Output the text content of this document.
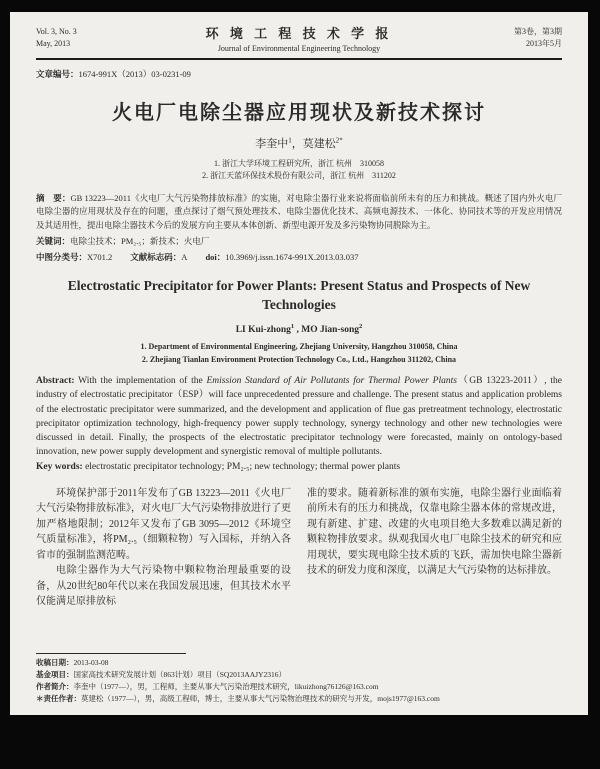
Vol. 3, No. 3
May, 2013
环 境 工 程 技 术 学 报
Journal of Environmental Engineering Technology
第3卷，第3期
2013年5月
文章编号：1674-991X（2013）03-0231-09
火电厂电除尘器应用现状及新技术探讨
李奎中$^1$，莫建松$^{2*}$
1. 浙江大学环境工程研究所，浙江 杭州　310058
2. 浙江天蓝环保技术股份有限公司，浙江 杭州　311202

摘　要：GB 13223—2011《火电厂大气污染物排放标准》的实施，对电除尘器行业来说将面临前所未有的压力和挑战。概述了国内外火电厂电除尘器的应用现状及存在的问题，重点探讨了烟气预处理技术、电除尘器优化技术、高频电源技术、一体化、协同技术等的开发应用情况及其适用性，提出电除尘器技术今后的发展方向主要从本体创新、新型电源开发及多污染物协同脱除为主。

关键词：电除尘技术；PM₂.₅；新技术；火电厂
中图分类号：X701.2 文献标志码：A doi：10.3969/j.issn.1674-991X.2013.03.037
Electrostatic Precipitator for Power Plants: Present Status and Prospects of New Technologies
LI Kui-zhong$^1$ , MO Jian-song$^2$
1. Department of Environmental Engineering, Zhejiang University, Hangzhou 310058, China
2. Zhejiang Tianlan Environment Protection Technology Co., Ltd., Hangzhou 311202, China

Abstract: With the implementation of the Emission Standard of Air Pollutants for Thermal Power Plants（GB 13223-2011）, the industry of electrostatic precipitator（ESP）will face unprecedented pressure and challenge. The present status and application problems of the electrostatic precipitator were summarized, and the development and application of flue gas pretreatment technology, electrostatic precipitator optimization technology, high-frequency power supply technology, synergy technology and other new technologies were discussed in detail. Finally, the prospects of the electrostatic precipitator technology were forecasted, mainly on ontology-based innovation, new power supply development and synergistic removal of multiple pollutants.

Key words: electrostatic precipitator technology; PM₂.₅; new technology; thermal power plants

环境保护部于2011年发布了GB 13223—2011《火电厂大气污染物排放标准》，对火电厂大气污染物排放进行了更加严格地限制；2012年又发布了GB 3095—2012《环境空气质量标准》，将PM₂.₅（细颗粒物）写入国标，并纳入各省市的强制监测范畴。

电除尘器作为大气污染物中颗粒物治理最重要的设备，从20世纪80年代以来在我国发展迅速，但其技术水平仅能满足原排放标

准的要求。随着新标准的颁布实施，电除尘器行业面临着前所未有的压力和挑战，仅靠电除尘器本体的常规改进，现有新建、扩建、改建的火电项目绝大多数难以满足新的颗粒物排放要求。纵观我国火电厂电除尘技术的研究和应用现状，要实现电除尘技术质的飞跃，需加快电除尘器新技术的研发力度和深度，以满足大气污染物的达标排放。

收稿日期：2013-03-08
基金项目：国家高技术研究发展计划（863计划）项目（SQ2013AAJY2316）
作者简介：李奎中（1977—），男，工程师，主要从事大气污染治理技术研究，likuizhong76126@163.com
＊责任作者：莫建松（1977—），男，高级工程师，博士，主要从事大气污染物治理技术的研究与开发，mojs1977@163.com
